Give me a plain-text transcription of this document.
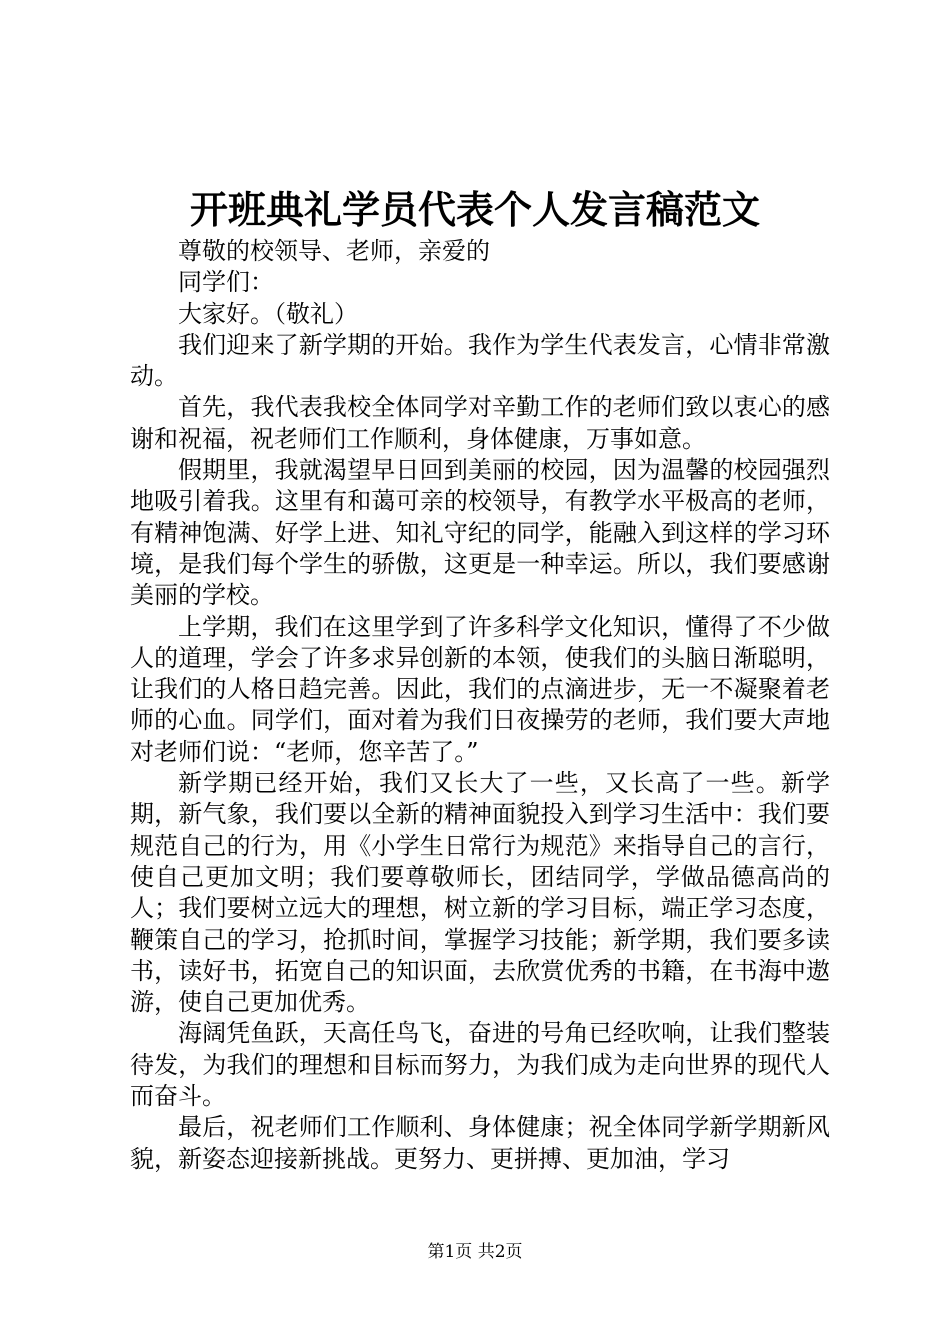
开班典礼学员代表个人发言稿范文

尊敬的校领导、老师，亲爱的

同学们：

大家好。（敬礼）

我们迎来了新学期的开始。我作为学生代表发言，心情非常激动。

首先，我代表我校全体同学对辛勤工作的老师们致以衷心的感谢和祝福，祝老师们工作顺利，身体健康，万事如意。

假期里，我就渴望早日回到美丽的校园，因为温馨的校园强烈地吸引着我。这里有和蔼可亲的校领导，有教学水平极高的老师，有精神饱满、好学上进、知礼守纪的同学，能融入到这样的学习环境，是我们每个学生的骄傲，这更是一种幸运。所以，我们要感谢美丽的学校。

上学期，我们在这里学到了许多科学文化知识，懂得了不少做人的道理，学会了许多求异创新的本领，使我们的头脑日渐聪明，让我们的人格日趋完善。因此，我们的点滴进步，无一不凝聚着老师的心血。同学们，面对着为我们日夜操劳的老师，我们要大声地对老师们说：“老师，您辛苦了。”

新学期已经开始，我们又长大了一些，又长高了一些。新学期，新气象，我们要以全新的精神面貌投入到学习生活中：我们要规范自己的行为，用《小学生日常行为规范》来指导自己的言行，使自己更加文明；我们要尊敬师长，团结同学，学做品德高尚的人；我们要树立远大的理想，树立新的学习目标，端正学习态度，鞭策自己的学习，抢抓时间，掌握学习技能；新学期，我们要多读书，读好书，拓宽自己的知识面，去欣赏优秀的书籍，在书海中遨游，使自己更加优秀。

海阔凭鱼跃，天高任鸟飞，奋进的号角已经吹响，让我们整装待发，为我们的理想和目标而努力，为我们成为走向世界的现代人而奋斗。

最后，祝老师们工作顺利、身体健康；祝全体同学新学期新风貌，新姿态迎接新挑战。更努力、更拼搏、更加油，学习

第1页 共2页
